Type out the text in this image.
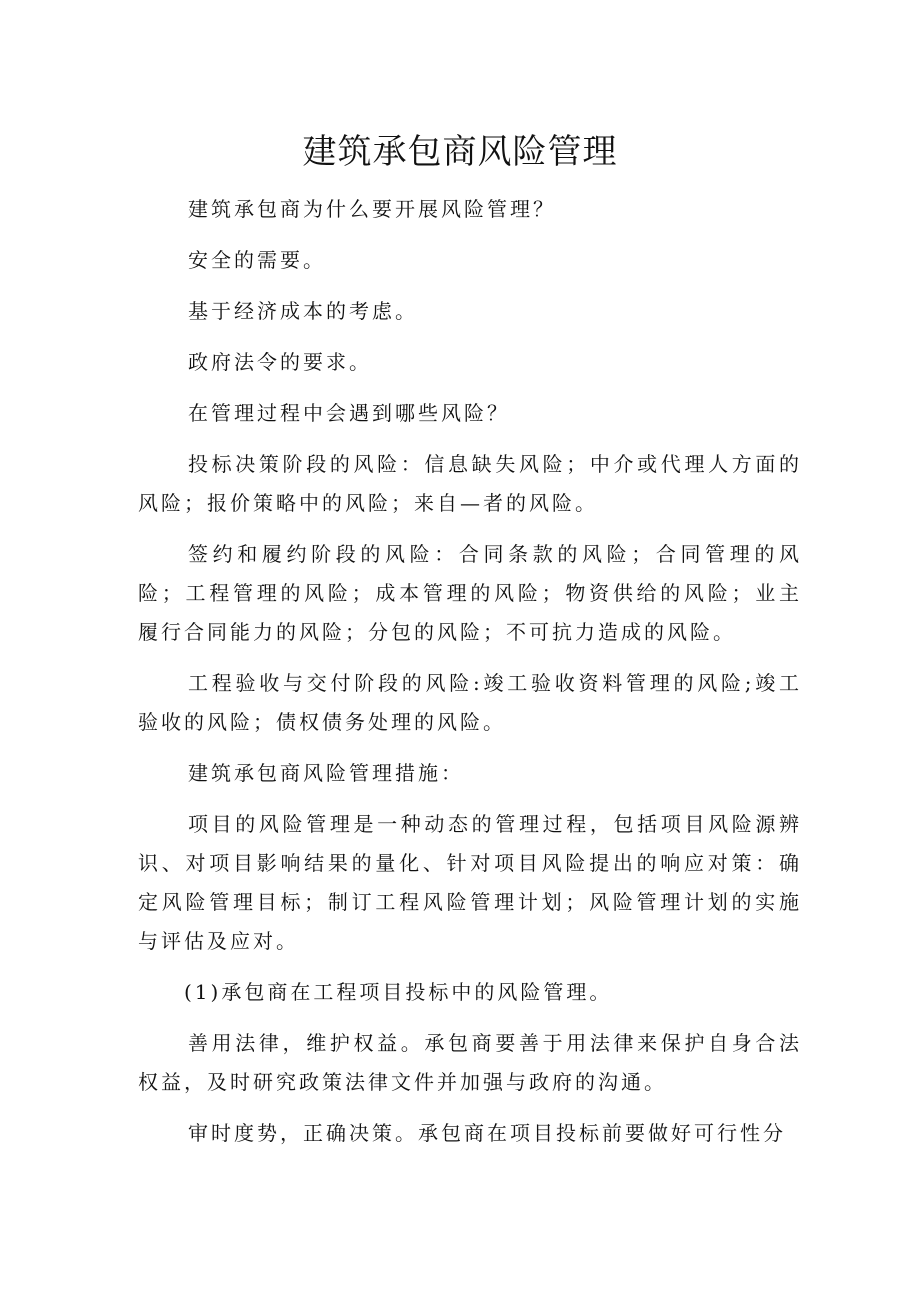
建筑承包商风险管理

建筑承包商为什么要开展风险管理？

安全的需要。

基于经济成本的考虑。

政府法令的要求。

在管理过程中会遇到哪些风险？

投标决策阶段的风险：信息缺失风险；中介或代理人方面的风险；报价策略中的风险；来自—者的风险。

签约和履约阶段的风险：合同条款的风险；合同管理的风险；工程管理的风险；成本管理的风险；物资供给的风险；业主履行合同能力的风险；分包的风险；不可抗力造成的风险。

工程验收与交付阶段的风险:竣工验收资料管理的风险;竣工验收的风险；债权债务处理的风险。

建筑承包商风险管理措施：

项目的风险管理是一种动态的管理过程，包括项目风险源辨识、对项目影响结果的量化、针对项目风险提出的响应对策：确定风险管理目标；制订工程风险管理计划；风险管理计划的实施与评估及应对。

(1)承包商在工程项目投标中的风险管理。

善用法律，维护权益。承包商要善于用法律来保护自身合法权益，及时研究政策法律文件并加强与政府的沟通。

审时度势，正确决策。承包商在项目投标前要做好可行性分
